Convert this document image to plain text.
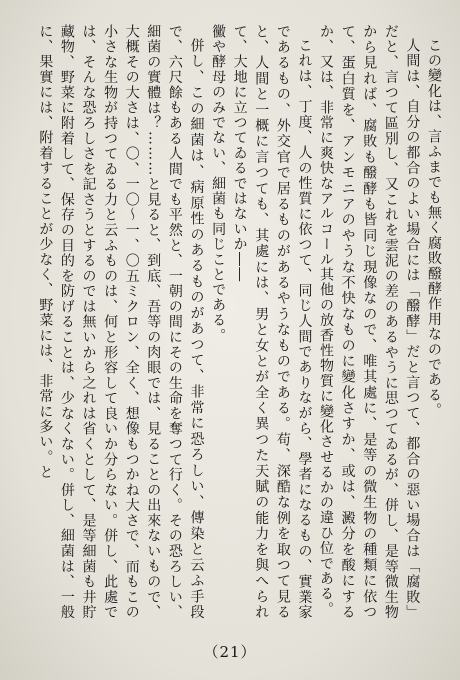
この變化は、言ふまでも無く腐敗醱酵作用なのである。

人間は、自分の都合のよい場合には「醱酵」だと言つて、都合の惡い場合は「腐敗」だと、言つて區別し、又これを雲泥の差のあるやうに思つてゐるが、併し、是等微生物から見れば、腐敗も醱酵も皆同じ現像なので、唯其處に、是等の微生物の種類に依つて、蛋白質を、アンモニアのやうな不快なものに變化さすか、或は、澱分を酸にするか、又は、非常に爽快なアルコール其他の放香性物質に變化させるかの違ひ位である。

これは、丁度、人の性質に依つて、同じ人間でありながら、學者になるもの、實業家であるもの、外交官で居るものがあるやうなものである。苟、深酷な例を取つて見ると、人間と一概に言つても、其處には、男と女とが全く異つた天賦の能力を與へられて、大地に立つてゐるではないか――

黴や酵母のみでない、細菌も同じことである。

併し、この細菌は、病原性のあるものがあつて、非常に恐ろしい、傳染と云ふ手段で、六尺餘もある人間でも平然と、一朝の間にその生命を奪つて行く。その恐ろしい、細菌の實體は？………と見ると、到底、吾等の肉眼では、見ることの出來ないもので、大概その大さは、〇、一〇～一、〇五ミクロン、全く、想像もつかね大さで、而もこの小さな生物が持つてゐる力と云ふものは、何と形容して良いか分らない。併し、此處では、そんな恐ろしさを記さうとするのでは無いから之れは省くとして、是等細菌も井貯藏物、野菜に附着して、保存の目的を防げることは、少なくない。併し、細菌は、一般に、果實には、附着することが少なく、野菜には、非常に多い。と

（21）
